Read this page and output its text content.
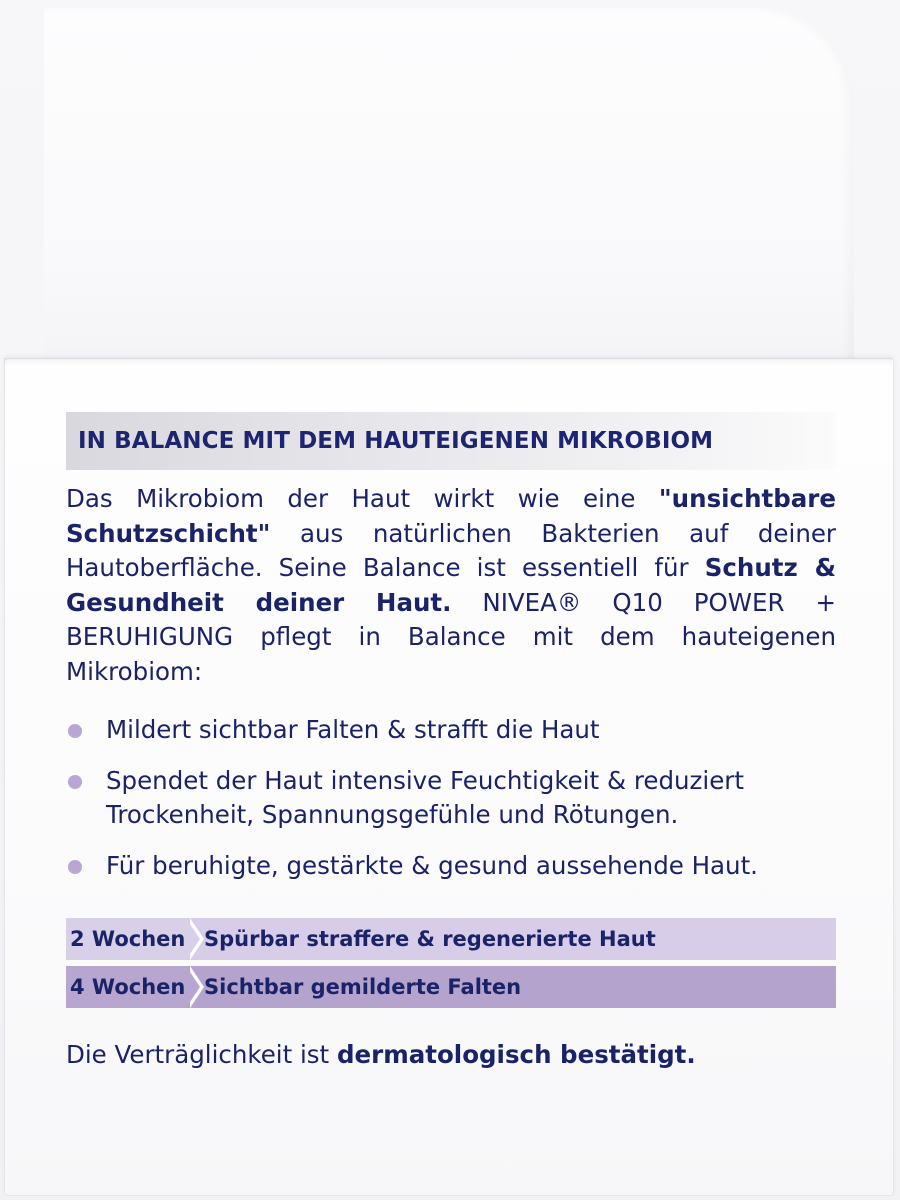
IN BALANCE MIT DEM HAUTEIGENEN MIKROBIOM
Das Mikrobiom der Haut wirkt wie eine "unsichtbare Schutzschicht" aus natürlichen Bakterien auf deiner Hautoberfläche. Seine Balance ist essentiell für Schutz & Gesundheit deiner Haut. NIVEA® Q10 POWER + BERUHIGUNG pflegt in Balance mit dem hauteigenen Mikrobiom:
Mildert sichtbar Falten & strafft die Haut
Spendet der Haut intensive Feuchtigkeit & reduziert Trockenheit, Spannungsgefühle und Rötungen.
Für beruhigte, gestärkte & gesund aussehende Haut.
2 Wochen Spürbar straffere & regenerierte Haut
4 Wochen Sichtbar gemilderte Falten
Die Verträglichkeit ist dermatologisch bestätigt.
